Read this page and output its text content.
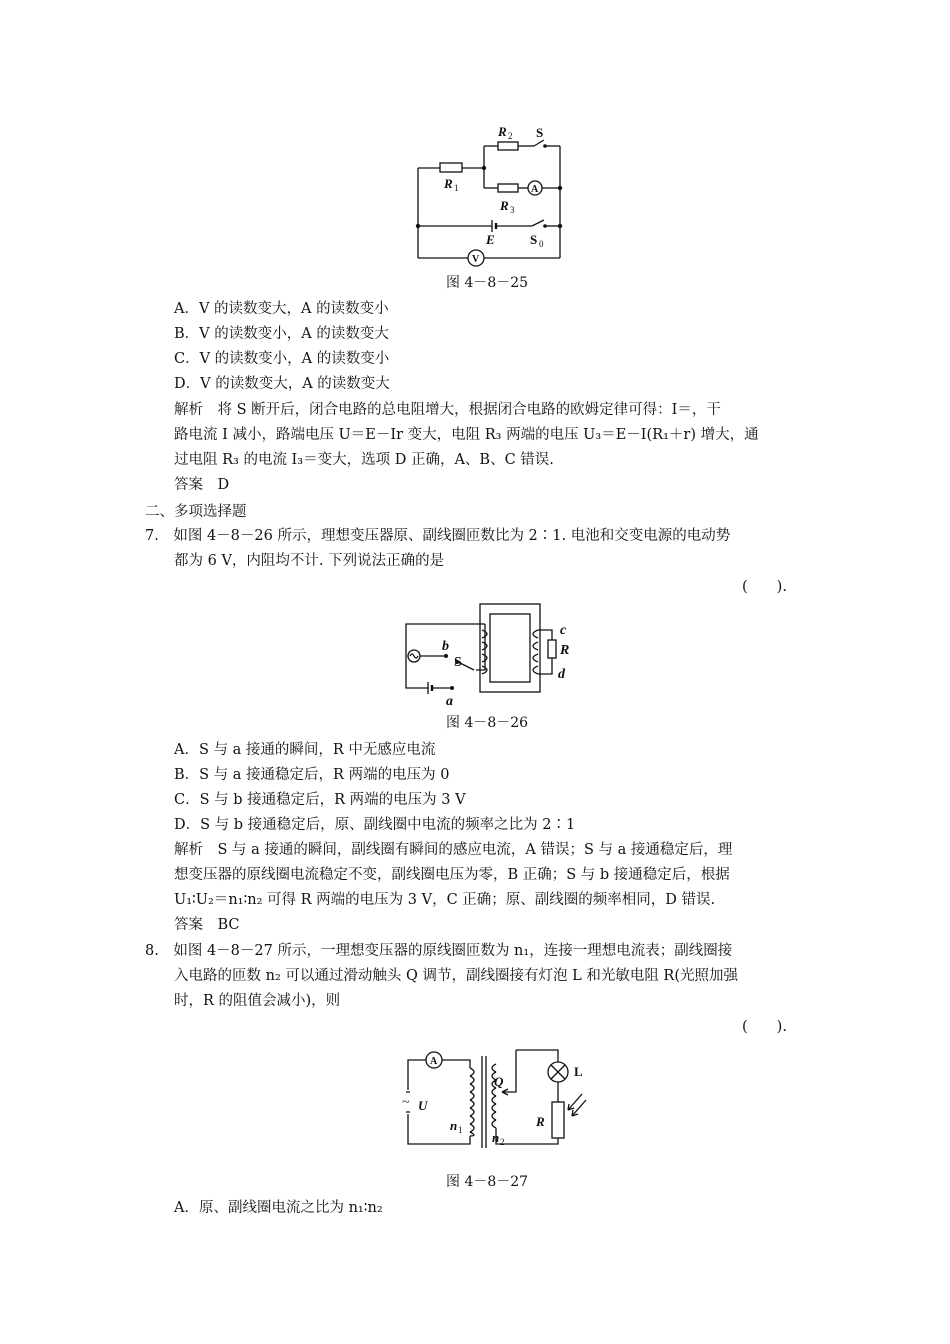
R 2 S
R 1	A
R 3
E	S 0
V
图 4－8－25
A．V 的读数变大，A 的读数变小
B．V 的读数变小，A 的读数变大
C．V 的读数变小，A 的读数变小
D．V 的读数变大，A 的读数变大
解析　将 S 断开后，闭合电路的总电阻增大，根据闭合电路的欧姆定律可得：I＝，干
路电流 I 减小，路端电压 U＝E－Ir 变大，电阻 R₃ 两端的电压 U₃＝E－I(R₁＋r) 增大，通
过电阻 R₃ 的电流 I₃＝变大，选项 D 正确，A、B、C 错误.
答案　D
二、多项选择题
7.　如图 4－8－26 所示，理想变压器原、副线圈匝数比为 2∶1. 电池和交变电源的电动势
都为 6 V，内阻均不计. 下列说法正确的是
(　　).
b
S
a
c
R
d
图 4－8－26
A．S 与 a 接通的瞬间，R 中无感应电流
B．S 与 a 接通稳定后，R 两端的电压为 0
C．S 与 b 接通稳定后，R 两端的电压为 3 V
D．S 与 b 接通稳定后，原、副线圈中电流的频率之比为 2∶1
解析　S 与 a 接通的瞬间，副线圈有瞬间的感应电流，A 错误；S 与 a 接通稳定后，理
想变压器的原线圈电流稳定不变，副线圈电压为零，B 正确；S 与 b 接通稳定后，根据
U₁∶U₂＝n₁∶n₂ 可得 R 两端的电压为 3 V，C 正确；原、副线圈的频率相同，D 错误.
答案　BC
8.　如图 4－8－27 所示，一理想变压器的原线圈匝数为 n₁，连接一理想电流表；副线圈接
入电路的匝数 n₂ 可以通过滑动触头 Q 调节，副线圈接有灯泡 L 和光敏电阻 R(光照加强
时，R 的阻值会减小)，则
(　　).
A
~ U
n 1 n 2
Q
L
R
图 4－8－27
A．原、副线圈电流之比为 n₁∶n₂
